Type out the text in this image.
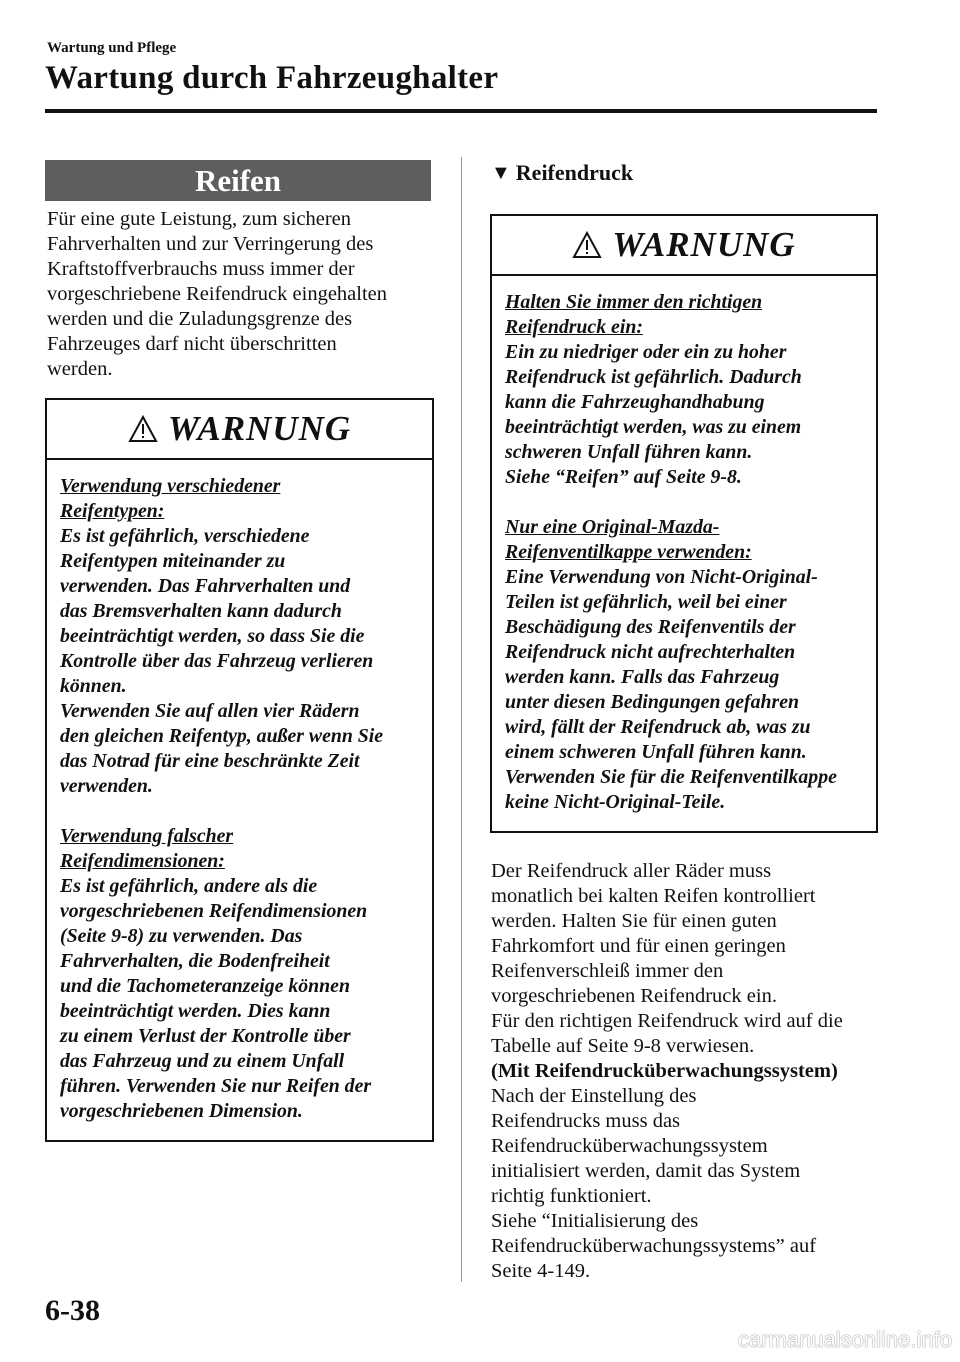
Wartung und Pflege
Wartung durch Fahrzeughalter
Reifen
Für eine gute Leistung, zum sicheren
Fahrverhalten und zur Verringerung des
Kraftstoffverbrauchs muss immer der
vorgeschriebene Reifendruck eingehalten
werden und die Zuladungsgrenze des
Fahrzeuges darf nicht überschritten
werden.
WARNUNG
Verwendung verschiedener
Reifentypen:
Es ist gefährlich, verschiedene
Reifentypen miteinander zu
verwenden. Das Fahrverhalten und
das Bremsverhalten kann dadurch
beeinträchtigt werden, so dass Sie die
Kontrolle über das Fahrzeug verlieren
können.
Verwenden Sie auf allen vier Rädern
den gleichen Reifentyp, außer wenn Sie
das Notrad für eine beschränkte Zeit
verwenden.
Verwendung falscher
Reifendimensionen:
Es ist gefährlich, andere als die
vorgeschriebenen Reifendimensionen
(Seite 9-8) zu verwenden. Das
Fahrverhalten, die Bodenfreiheit
und die Tachometeranzeige können
beeinträchtigt werden. Dies kann
zu einem Verlust der Kontrolle über
das Fahrzeug und zu einem Unfall
führen. Verwenden Sie nur Reifen der
vorgeschriebenen Dimension.
▼ Reifendruck
WARNUNG
Halten Sie immer den richtigen
Reifendruck ein:
Ein zu niedriger oder ein zu hoher
Reifendruck ist gefährlich. Dadurch
kann die Fahrzeughandhabung
beeinträchtigt werden, was zu einem
schweren Unfall führen kann.
Siehe “Reifen” auf Seite 9-8.
Nur eine Original-Mazda-
Reifenventilkappe verwenden:
Eine Verwendung von Nicht-Original-
Teilen ist gefährlich, weil bei einer
Beschädigung des Reifenventils der
Reifendruck nicht aufrechterhalten
werden kann. Falls das Fahrzeug
unter diesen Bedingungen gefahren
wird, fällt der Reifendruck ab, was zu
einem schweren Unfall führen kann.
Verwenden Sie für die Reifenventilkappe
keine Nicht-Original-Teile.
Der Reifendruck aller Räder muss
monatlich bei kalten Reifen kontrolliert
werden. Halten Sie für einen guten
Fahrkomfort und für einen geringen
Reifenverschleiß immer den
vorgeschriebenen Reifendruck ein.
Für den richtigen Reifendruck wird auf die
Tabelle auf Seite 9-8 verwiesen.
(Mit Reifendrucküberwachungssystem)
Nach der Einstellung des
Reifendrucks muss das
Reifendrucküberwachungssystem
initialisiert werden, damit das System
richtig funktioniert.
Siehe “Initialisierung des
Reifendrucküberwachungssystems” auf
Seite 4-149.
6-38
carmanualsonline.info
